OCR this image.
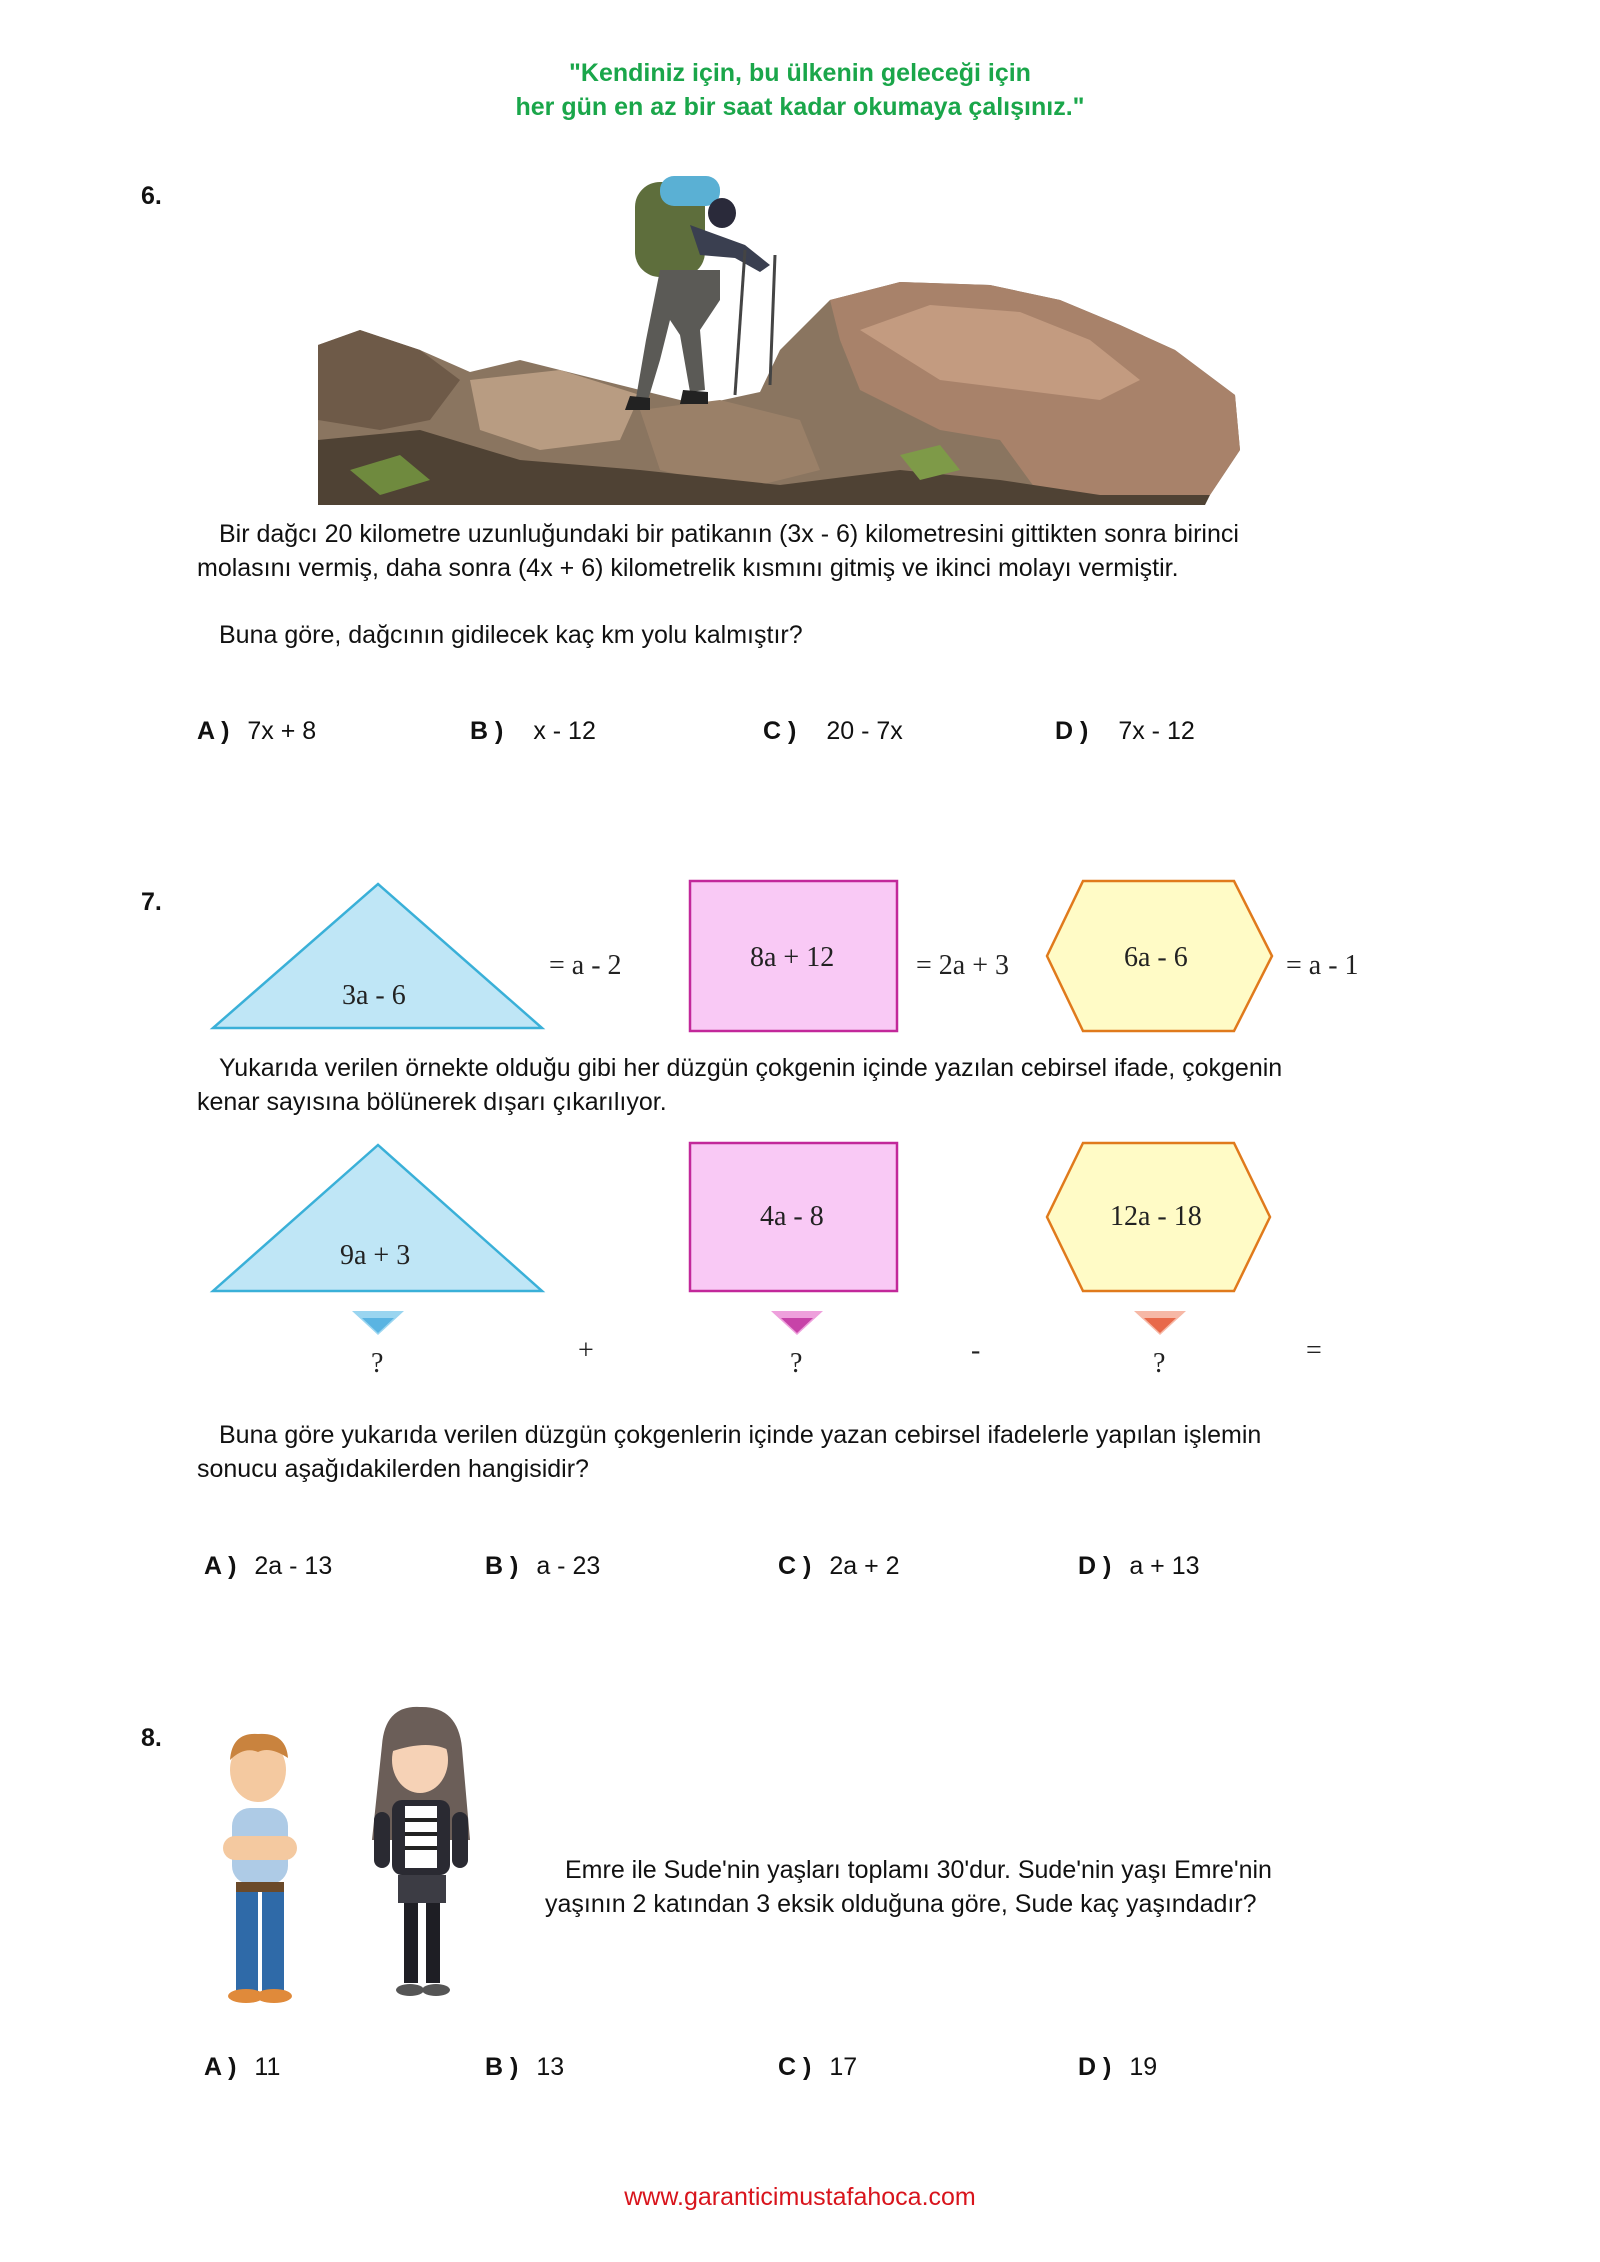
"Kendiniz için, bu ülkenin geleceği için
her gün en az bir saat kadar okumaya çalışınız."
6.
Bir dağcı 20 kilometre uzunluğundaki bir patikanın (3x - 6) kilometresini gittikten sonra birinci
molasını vermiş, daha sonra (4x + 6) kilometrelik kısmını gitmiş ve ikinci molayı vermiştir.
Buna göre, dağcının gidilecek kaç km yolu kalmıştır?
A ) 7x + 8	B ) x - 12	C ) 20 - 7x	D ) 7x - 12
7.
3a - 6
= a - 2	8a + 12	= 2a + 3	6a - 6	= a - 1
Yukarıda verilen örnekte olduğu gibi her düzgün çokgenin içinde yazılan cebirsel ifade, çokgenin
kenar sayısına bölünerek dışarı çıkarılıyor.
9a + 3
4a - 8	12a - 18
?	+	?	-	?	=
Buna göre yukarıda verilen düzgün çokgenlerin içinde yazan cebirsel ifadelerle yapılan işlemin
sonucu aşağıdakilerden hangisidir?
A ) 2a - 13	B ) a - 23	C ) 2a + 2	D ) a + 13
8.
Emre ile Sude'nin yaşları toplamı 30'dur. Sude'nin yaşı Emre'nin
yaşının 2 katından 3 eksik olduğuna göre, Sude kaç yaşındadır?
A ) 11	B ) 13	C ) 17	D ) 19
www.garanticimustafahoca.com
